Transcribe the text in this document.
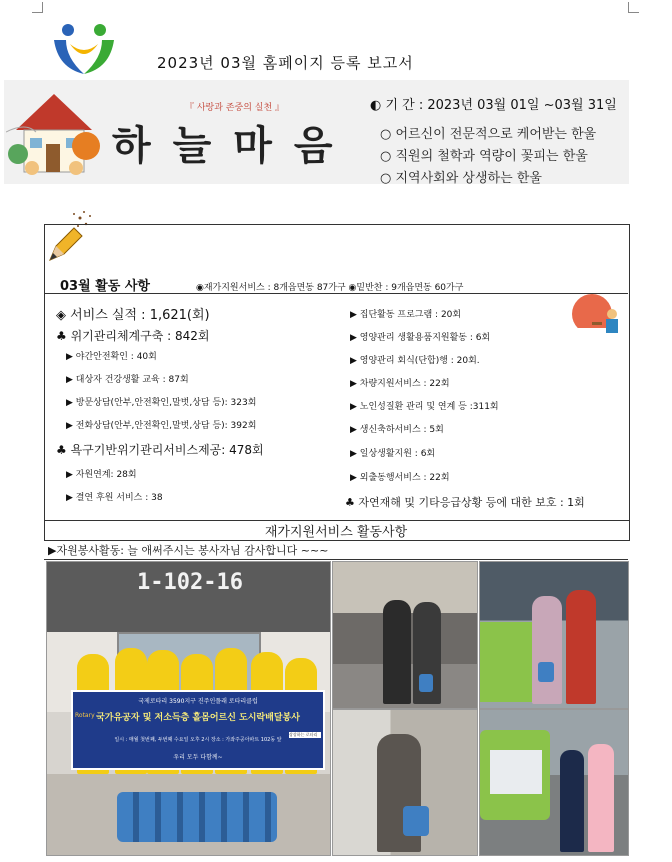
2023년 03월 홈페이지 등록 보고서
『 사랑과 존중의 실천 』
하늘마음
◐ 기 간 : 2023년 03월 01일 ~03월 31일
○ 어르신이 전문적으로 케어받는 한울
○ 직원의 철학과 역량이 꽃피는 한울
○ 지역사회와 상생하는 한울
03월 활동 사항	◉재가지원서비스 : 8개읍면동 87가구 ◉밑반찬 : 9개읍면동 60가구
◈ 서비스 실적 : 1,621(회)
♣ 위기관리체계구축 : 842회
▶ 야간안전확인 : 40회
▶ 대상자 건강생활 교육 : 87회
▶ 방문상담(안부,안전확인,말벗,상담 등): 323회
▶ 전화상담(안부,안전확인,말벗,상담 등): 392회
♣ 욕구기반위기관리서비스제공: 478회
▶ 자원연계: 28회
▶ 결연 후원 서비스 : 38
▶ 집단활동 프로그램 : 20회
▶ 영양관리 생활용품지원활동 : 6회
▶ 영양관리 회식(단합)행 : 20회.
▶ 차량지원서비스 : 22회
▶ 노인성질환 관리 및 연계 등 :311회
▶ 생신축하서비스 : 5회
▶ 일상생활지원 : 6회
▶ 외출동행서비스 : 22회
♣ 자연재해 및 기타응급상황 등에 대한 보호 : 1회
재가지원서비스 활동사항
▶자원봉사활동: 늘 애써주시는 봉사자님 감사합니다 ~~~
1-102-16
국제로타리 3590지구 진주인플래 로타리클럽
국가유공자 및 저소득층 홀몸어르신 도시락배달봉사
일시 : 매월 첫번째, 두번째 수요일 오후 2시 장소 : 가좌주공아파트 102동 앞
우리 모두 다함께~
Rotary
상상하는 로타리
